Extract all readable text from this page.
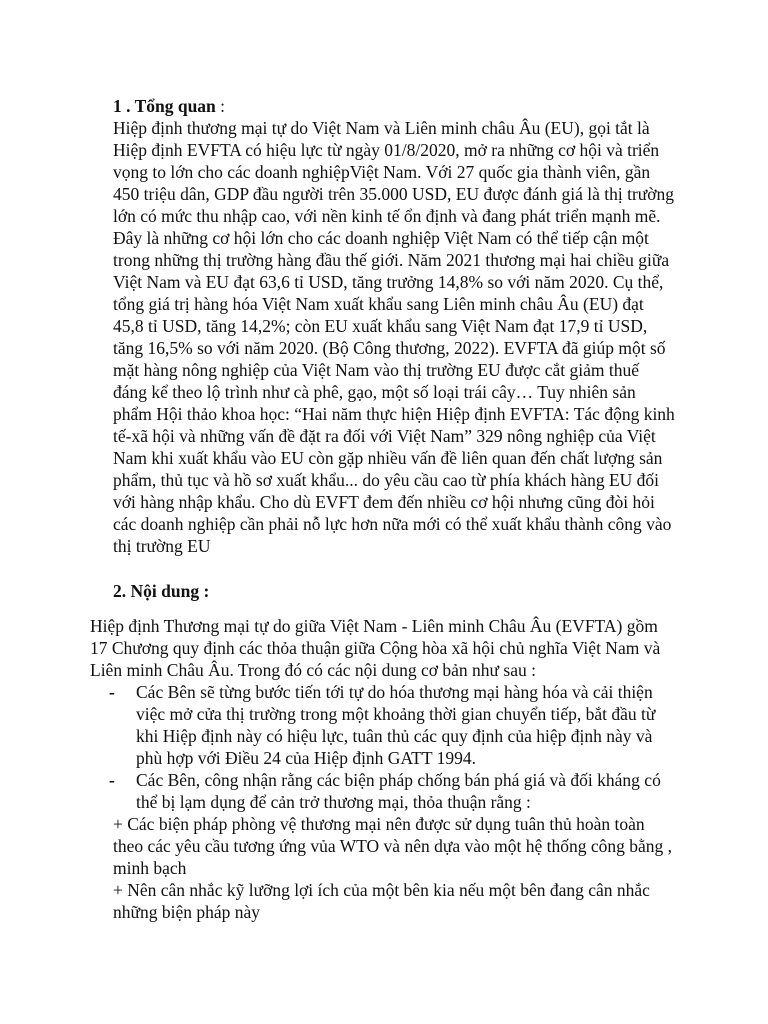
1 . Tổng quan :
Hiệp định thương mại tự do Việt Nam và Liên minh châu Âu (EU), gọi tắt là
Hiệp định EVFTA có hiệu lực từ ngày 01/8/2020, mở ra những cơ hội và triển
vọng to lớn cho các doanh nghiệpViệt Nam. Với 27 quốc gia thành viên, gần
450 triệu dân, GDP đầu người trên 35.000 USD, EU được đánh giá là thị trường
lớn có mức thu nhập cao, với nền kinh tế ổn định và đang phát triển mạnh mẽ.
Đây là những cơ hội lớn cho các doanh nghiệp Việt Nam có thể tiếp cận một
trong những thị trường hàng đầu thế giới. Năm 2021 thương mại hai chiều giữa
Việt Nam và EU đạt 63,6 tỉ USD, tăng trưởng 14,8% so với năm 2020. Cụ thể,
tổng giá trị hàng hóa Việt Nam xuất khẩu sang Liên minh châu Âu (EU) đạt
45,8 tỉ USD, tăng 14,2%; còn EU xuất khẩu sang Việt Nam đạt 17,9 tỉ USD,
tăng 16,5% so với năm 2020. (Bộ Công thương, 2022). EVFTA đã giúp một số
mặt hàng nông nghiệp của Việt Nam vào thị trường EU được cắt giảm thuế
đáng kể theo lộ trình như cà phê, gạo, một số loại trái cây… Tuy nhiên sản
phẩm Hội thảo khoa học: “Hai năm thực hiện Hiệp định EVFTA: Tác động kinh
tế-xã hội và những vấn đề đặt ra đối với Việt Nam” 329 nông nghiệp của Việt
Nam khi xuất khẩu vào EU còn gặp nhiều vấn đề liên quan đến chất lượng sản
phẩm, thủ tục và hồ sơ xuất khẩu... do yêu cầu cao từ phía khách hàng EU đối
với hàng nhập khẩu. Cho dù EVFT đem đến nhiều cơ hội nhưng cũng đòi hỏi
các doanh nghiệp cần phải nỗ lực hơn nữa mới có thể xuất khẩu thành công vào
thị trường EU
2. Nội dung :
Hiệp định Thương mại tự do giữa Việt Nam - Liên minh Châu Âu (EVFTA) gồm
17 Chương quy định các thỏa thuận giữa Cộng hòa xã hội chủ nghĩa Việt Nam và
Liên minh Châu Âu. Trong đó có các nội dung cơ bản như sau :
- Các Bên sẽ từng bước tiến tới tự do hóa thương mại hàng hóa và cải thiện
việc mở cửa thị trường trong một khoảng thời gian chuyển tiếp, bắt đầu từ
khi Hiệp định này có hiệu lực, tuân thủ các quy định của hiệp định này và
phù hợp với Điều 24 của Hiệp định GATT 1994.
- Các Bên, công nhận rằng các biện pháp chống bán phá giá và đối kháng có
thể bị lạm dụng để cản trở thương mại, thỏa thuận rằng :
+ Các biện pháp phòng vệ thương mại nên được sử dụng tuân thủ hoàn toàn
theo các yêu cầu tương ứng vủa WTO và nên dựa vào một hệ thống công bằng ,
minh bạch
+ Nên cân nhắc kỹ lưỡng lợi ích của một bên kia nếu một bên đang cân nhắc
những biện pháp này
